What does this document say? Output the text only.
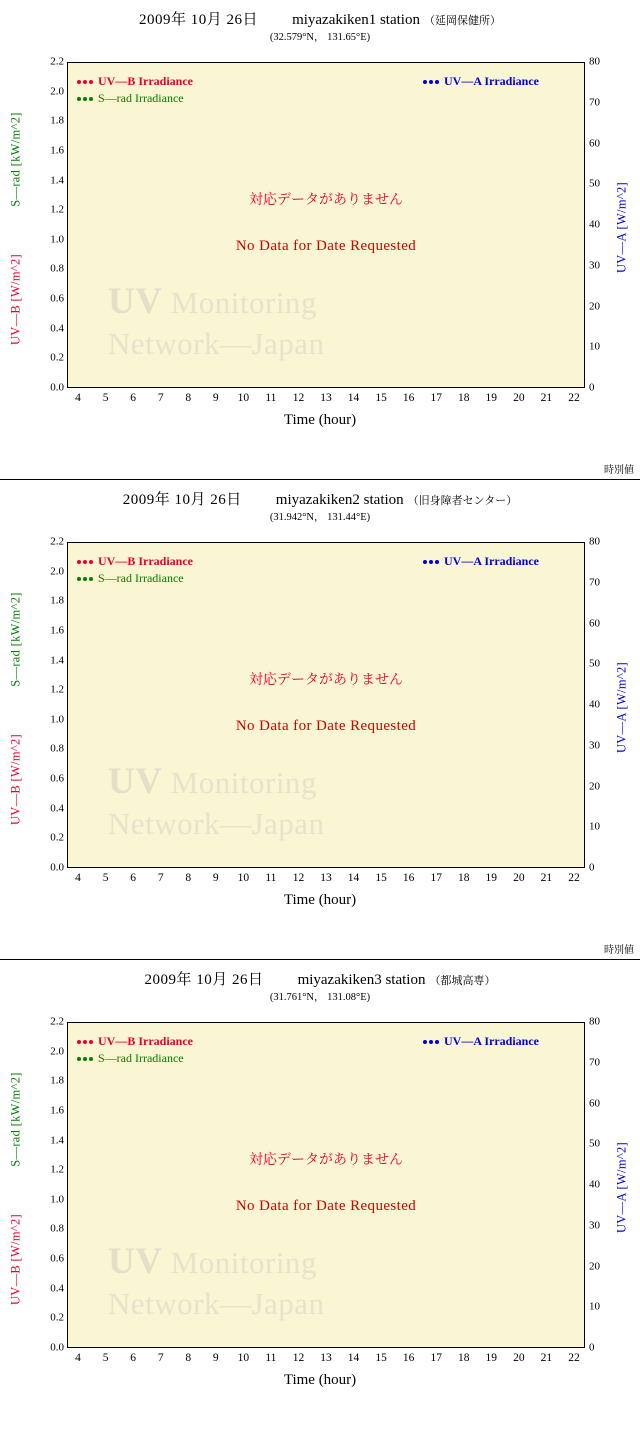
2009年 10月 26日 miyazakiken1 station （延岡保健所）
(32.579°N， 131.65°E)
2.2
2.0
1.8
1.6
1.4
1.2
1.0
0.8
0.6
0.4
0.2
0.0
80
70
60
50
40
30
20
10
0
S—rad [kW/m^2]
UV—B [W/m^2]
UV—A [W/m^2]
UV—B Irradiance
S—rad Irradiance
UV—A Irradiance
対応データがありません
No Data for Date Requested
UV Monitoring
Network—Japan
4 5 6 7 8 9 10 11 12 13 14 15 16 17 18 19 20 21 22
Time (hour)
時別値
2009年 10月 26日 miyazakiken2 station （旧身障者センター）
(31.942°N， 131.44°E)
2.2
2.0
1.8
1.6
1.4
1.2
1.0
0.8
0.6
0.4
0.2
0.0
80
70
60
50
40
30
20
10
0
S—rad [kW/m^2]
UV—B [W/m^2]
UV—A [W/m^2]
UV—B Irradiance
S—rad Irradiance
UV—A Irradiance
対応データがありません
No Data for Date Requested
UV Monitoring
Network—Japan
4 5 6 7 8 9 10 11 12 13 14 15 16 17 18 19 20 21 22
Time (hour)
時別値
2009年 10月 26日 miyazakiken3 station （都城高専）
(31.761°N， 131.08°E)
2.2
2.0
1.8
1.6
1.4
1.2
1.0
0.8
0.6
0.4
0.2
0.0
80
70
60
50
40
30
20
10
0
S—rad [kW/m^2]
UV—B [W/m^2]
UV—A [W/m^2]
UV—B Irradiance
S—rad Irradiance
UV—A Irradiance
対応データがありません
No Data for Date Requested
UV Monitoring
Network—Japan
4 5 6 7 8 9 10 11 12 13 14 15 16 17 18 19 20 21 22
Time (hour)
